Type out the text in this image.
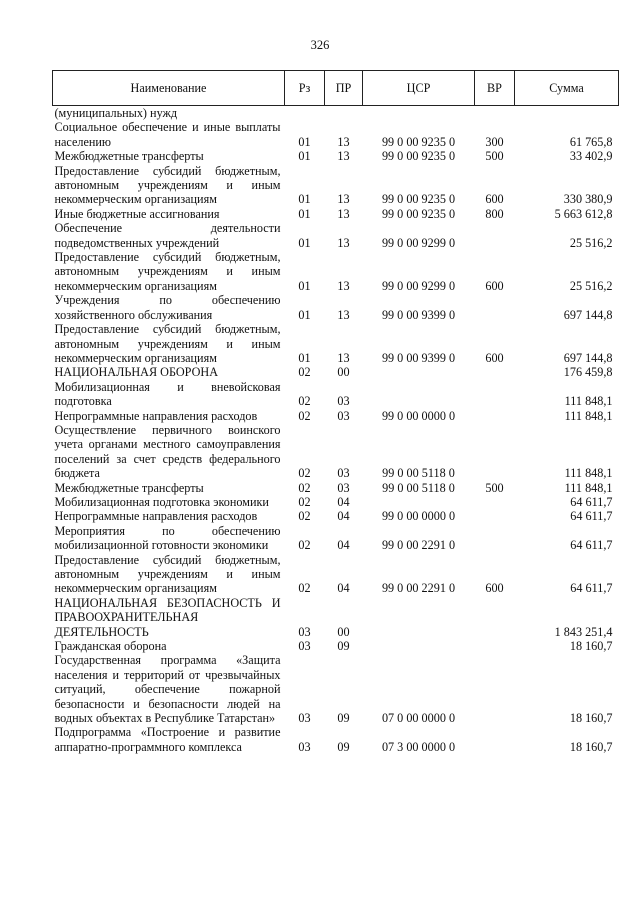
326
Наименование	Рз	ПР	ЦСР	ВР	Сумма
(муниципальных) нужд					
Социальное обеспечение и иные выплаты населению	01	13	99 0 00 9235 0	300	61 765,8
Межбюджетные трансферты	01	13	99 0 00 9235 0	500	33 402,9
Предоставление субсидий бюджетным, автономным учреждениям и иным некоммерческим организациям	01	13	99 0 00 9235 0	600	330 380,9
Иные бюджетные ассигнования	01	13	99 0 00 9235 0	800	5 663 612,8
Обеспечение деятельности подведомственных учреждений	01	13	99 0 00 9299 0		25 516,2
Предоставление субсидий бюджетным, автономным учреждениям и иным некоммерческим организациям	01	13	99 0 00 9299 0	600	25 516,2
Учреждения по обеспечению хозяйственного обслуживания	01	13	99 0 00 9399 0		697 144,8
Предоставление субсидий бюджетным, автономным учреждениям и иным некоммерческим организациям	01	13	99 0 00 9399 0	600	697 144,8
НАЦИОНАЛЬНАЯ ОБОРОНА	02	00			176 459,8
Мобилизационная и вневойсковая подготовка	02	03			111 848,1
Непрограммные направления расходов	02	03	99 0 00 0000 0		111 848,1
Осуществление первичного воинского учета органами местного самоуправления поселений за счет средств федерального бюджета	02	03	99 0 00 5118 0		111 848,1
Межбюджетные трансферты	02	03	99 0 00 5118 0	500	111 848,1
Мобилизационная подготовка экономики	02	04			64 611,7
Непрограммные направления расходов	02	04	99 0 00 0000 0		64 611,7
Мероприятия по обеспечению мобилизационной готовности экономики	02	04	99 0 00 2291 0		64 611,7
Предоставление субсидий бюджетным, автономным учреждениям и иным некоммерческим организациям	02	04	99 0 00 2291 0	600	64 611,7
НАЦИОНАЛЬНАЯ БЕЗОПАСНОСТЬ И ПРАВООХРАНИТЕЛЬНАЯ ДЕЯТЕЛЬНОСТЬ	03	00			1 843 251,4
Гражданская оборона	03	09			18 160,7
Государственная программа «Защита населения и территорий от чрезвычайных ситуаций, обеспечение пожарной безопасности и безопасности людей на водных объектах в Республике Татарстан»	03	09	07 0 00 0000 0		18 160,7
Подпрограмма «Построение и развитие аппаратно-программного комплекса	03	09	07 3 00 0000 0		18 160,7
